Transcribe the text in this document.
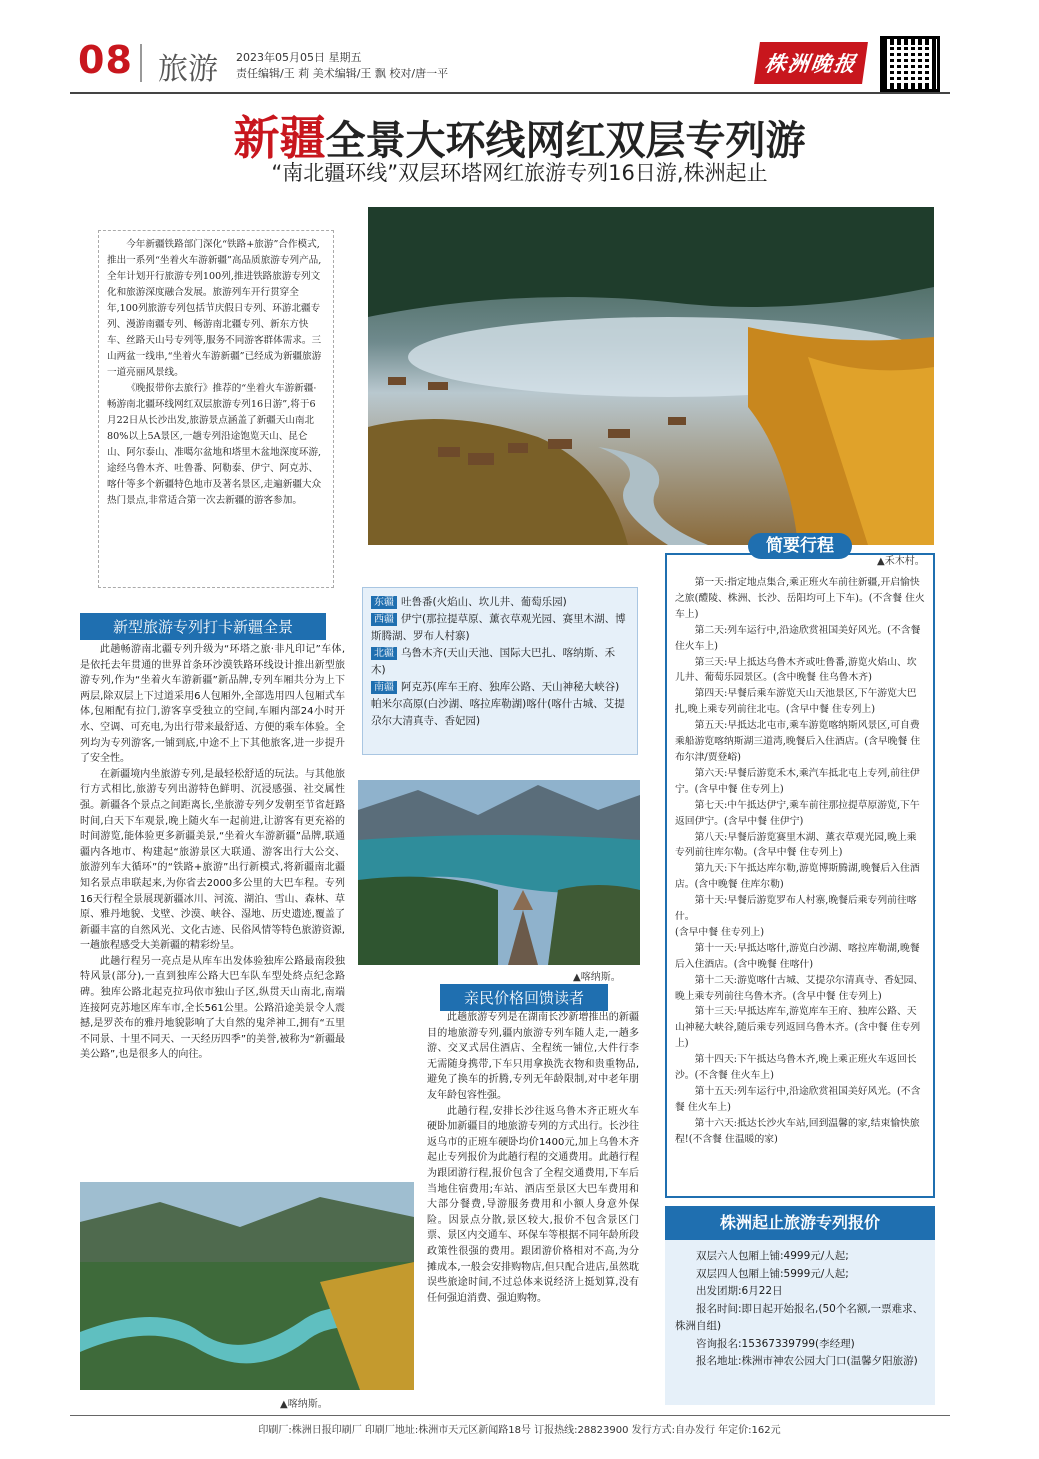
08 旅游 2023年05月05日 星期五
责任编辑/王 莉 美术编辑/王 飘 校对/唐一平	株洲晚报
新疆全景大环线网红双层专列游
“南北疆环线”双层环塔网红旅游专列16日游,株洲起止

今年新疆铁路部门深化“铁路+旅游”合作模式,推出一系列“坐着火车游新疆”高品质旅游专列产品,全年计划开行旅游专列100列,推进铁路旅游专列文化和旅游深度融合发展。旅游列车开行贯穿全年,100列旅游专列包括节庆假日专列、环游北疆专列、漫游南疆专列、畅游南北疆专列、新东方快车、丝路天山号专列等,服务不同游客群体需求。三山两盆一线串,“坐着火车游新疆”已经成为新疆旅游一道亮丽风景线。

《晚报带你去旅行》推荐的“坐着火车游新疆·畅游南北疆环线网红双层旅游专列16日游”,将于6月22日从长沙出发,旅游景点涵盖了新疆天山南北80%以上5A景区,一趟专列沿途饱览天山、昆仑山、阿尔泰山、准噶尔盆地和塔里木盆地深度环游,途经乌鲁木齐、吐鲁番、阿勒泰、伊宁、阿克苏、喀什等多个新疆特色地市及著名景区,走遍新疆大众热门景点,非常适合第一次去新疆的游客参加。

▲禾木村。
新型旅游专列打卡新疆全景

此趟畅游南北疆专列升级为“环塔之旅·非凡印记”车体,是依托去年贯通的世界首条环沙漠铁路环线设计推出新型旅游专列,作为“坐着火车游新疆”新品牌,专列车厢共分为上下两层,除双层上下过道采用6人包厢外,全部选用四人包厢式车体,包厢配有拉门,游客享受独立的空间,车厢内部24小时开水、空调、可充电,为出行带来最舒适、方便的乘车体验。全列均为专列游客,一铺到底,中途不上下其他旅客,进一步提升了安全性。

在新疆境内坐旅游专列,是最轻松舒适的玩法。与其他旅行方式相比,旅游专列出游特色鲜明、沉浸感强、社交属性强。新疆各个景点之间距离长,坐旅游专列夕发朝至节省赶路时间,白天下车观景,晚上随火车一起前进,让游客有更充裕的时间游览,能体验更多新疆美景,“坐着火车游新疆”品牌,联通疆内各地市、构建起“旅游景区大联通、游客出行大公交、旅游列车大循环”的“铁路+旅游”出行新模式,将新疆南北疆知名景点串联起来,为你省去2000多公里的大巴车程。专列16天行程全景展现新疆冰川、河流、湖泊、雪山、森林、草原、雅丹地貌、戈壁、沙漠、峡谷、湿地、历史遗迹,覆盖了新疆丰富的自然风光、文化古迹、民俗风情等特色旅游资源,一趟旅程感受大美新疆的精彩纷呈。

此趟行程另一亮点是从库车出发体验独库公路最南段独特风景(部分),一直到独库公路大巴车队车型处終点纪念路碑。独库公路北起克拉玛依市独山子区,纵贯天山南北,南端连接阿克苏地区库车市,全长561公里。公路沿途美景令人震撼,是罗茨布的雅丹地貌影响了大自然的鬼斧神工,拥有“五里不同景、十里不同天、一天经历四季”的美誉,被称为“新疆最美公路”,也是很多人的向往。

东疆 吐鲁番(火焰山、坎儿井、葡萄乐园)
西疆 伊宁(那拉提草原、薰衣草观光园、赛里木湖、博斯腾湖、罗布人村寨)
北疆 乌鲁木齐(天山天池、国际大巴扎、喀纳斯、禾木)
南疆 阿克苏(库车王府、独库公路、天山神秘大峡谷)帕米尔高原(白沙湖、喀拉库勒湖)喀什(喀什古城、艾提尕尔大清真寺、香妃园)
▲喀纳斯。
亲民价格回馈读者

此趟旅游专列是在湖南长沙新增推出的新疆目的地旅游专列,疆内旅游专列车随人走,一趟多游、交叉式居住酒店、全程统一铺位,大件行李无需随身携带,下车只用拿换洗衣物和贵重物品,避免了换车的折腾,专列无年龄限制,对中老年朋友年龄包容性强。

此趟行程,安排长沙往返乌鲁木齐正班火车硬卧加新疆目的地旅游专列的方式出行。长沙往返乌市的正班车硬卧均价1400元,加上乌鲁木齐起止专列报价为此趟行程的交通费用。此趟行程为跟团游行程,报价包含了全程交通费用,下车后当地住宿费用;车站、酒店至景区大巴车费用和大部分餐费,导游服务费用和小额人身意外保险。因景点分散,景区较大,报价不包含景区门票、景区内交通车、环保车等根据不同年龄所段政策性很强的费用。跟团游价格相对不高,为分摊成本,一般会安排购物店,但只配合进店,虽然耽误些旅途时间,不过总体来说经济上挺划算,没有任何强迫消费、强迫购物。

▲喀纳斯。

第一天:指定地点集合,乘正班火车前往新疆,开启愉快之旅(醴陵、株洲、长沙、岳阳均可上下车)。(不含餐 住火车上)

第二天:列车运行中,沿途欣赏祖国美好风光。(不含餐 住火车上)

第三天:早上抵达乌鲁木齐或吐鲁番,游览火焰山、坎儿井、葡萄乐园景区。(含中晚餐 住乌鲁木齐)

第四天:早餐后乘车游览天山天池景区,下午游览大巴扎,晚上乘专列前往北屯。(含早中餐 住专列上)

第五天:早抵达北屯市,乘车游览喀纳斯风景区,可自费乘船游览喀纳斯湖三道湾,晚餐后入住酒店。(含早晚餐 住布尔津/贾登峪)

第六天:早餐后游览禾木,乘汽车抵北屯上专列,前往伊宁。(含早中餐 住专列上)

第七天:中午抵达伊宁,乘车前往那拉提草原游览,下午返回伊宁。(含早中餐 住伊宁)

第八天:早餐后游览赛里木湖、薰衣草观光园,晚上乘专列前往库尔勒。(含早中餐 住专列上)

第九天:下午抵达库尔勒,游览博斯腾湖,晚餐后入住酒店。(含中晚餐 住库尔勒)

第十天:早餐后游览罗布人村寨,晚餐后乘专列前往喀什。

(含早中餐 住专列上)

第十一天:早抵达喀什,游览白沙湖、喀拉库勒湖,晚餐后入住酒店。(含中晚餐 住喀什)

第十二天:游览喀什古城、艾提尕尔清真寺、香妃园、晚上乘专列前往乌鲁木齐。(含早中餐 住专列上)

第十三天:早抵达库车,游览库车王府、独库公路、天山神秘大峡谷,随后乘专列返回乌鲁木齐。(含中餐 住专列上)

第十四天:下午抵达乌鲁木齐,晚上乘正班火车返回长沙。(不含餐 住火车上)

第十五天:列车运行中,沿途欣赏祖国美好风光。(不含餐 住火车上)

第十六天:抵达长沙火车站,回到温馨的家,结束愉快旅程!(不含餐 住温暖的家)

简要行程
株洲起止旅游专列报价

双层六人包厢上铺:4999元/人起;

双层四人包厢上铺:5999元/人起;

出发团期:6月22日

报名时间:即日起开始报名,(50个名额,一票难求、株洲自组)

咨询报名:15367339799(李经理)

报名地址:株洲市神农公园大门口(温馨夕阳旅游)

印刷厂:株洲日报印刷厂 印刷厂地址:株洲市天元区新闻路18号 订报热线:28823900 发行方式:自办发行 年定价:162元
